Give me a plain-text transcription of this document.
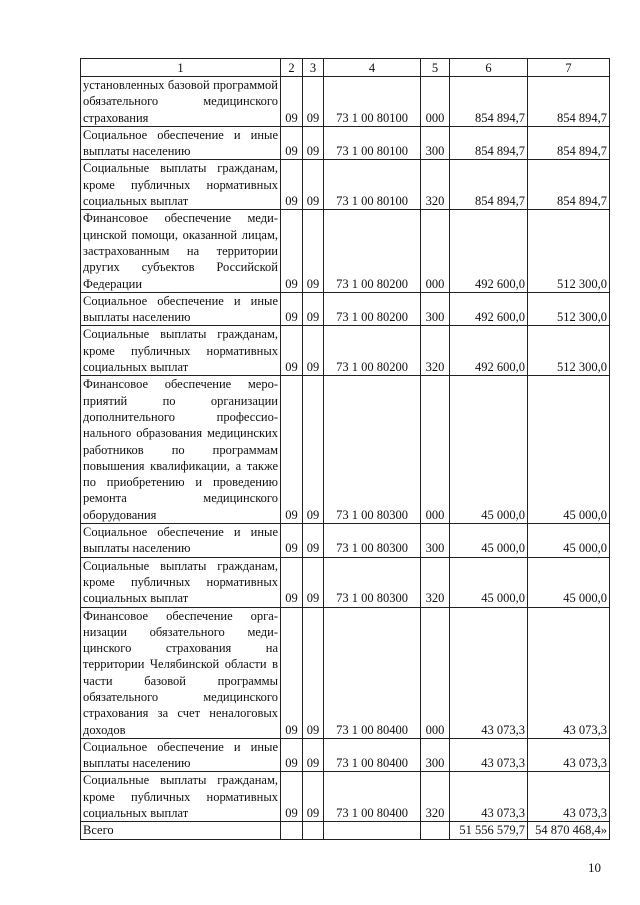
1	2	3	4	5	6	7
установленных базовой программой обязательного медицинского страхования	09	09	73 1 00 80100	000	854 894,7	854 894,7
Социальное обеспечение и иные выплаты населению	09	09	73 1 00 80100	300	854 894,7	854 894,7
Социальные выплаты гражданам, кроме публичных нормативных социальных выплат	09	09	73 1 00 80100	320	854 894,7	854 894,7
Финансовое обеспечение медицинской помощи, оказанной лицам, застрахованным на территории других субъектов Российской Федерации	09	09	73 1 00 80200	000	492 600,0	512 300,0
Социальное обеспечение и иные выплаты населению	09	09	73 1 00 80200	300	492 600,0	512 300,0
Социальные выплаты гражданам, кроме публичных нормативных социальных выплат	09	09	73 1 00 80200	320	492 600,0	512 300,0
Финансовое обеспечение мероприятий по организации дополнительного профессионального образования медицинских работников по программам повышения квалификации, а также по приобретению и проведению ремонта медицинского оборудования	09	09	73 1 00 80300	000	45 000,0	45 000,0
Социальное обеспечение и иные выплаты населению	09	09	73 1 00 80300	300	45 000,0	45 000,0
Социальные выплаты гражданам, кроме публичных нормативных социальных выплат	09	09	73 1 00 80300	320	45 000,0	45 000,0
Финансовое обеспечение организации обязательного медицинского страхования на территории Челябинской области в части базовой программы обязательного медицинского страхования за счет неналоговых доходов	09	09	73 1 00 80400	000	43 073,3	43 073,3
Социальное обеспечение и иные выплаты населению	09	09	73 1 00 80400	300	43 073,3	43 073,3
Социальные выплаты гражданам, кроме публичных нормативных социальных выплат	09	09	73 1 00 80400	320	43 073,3	43 073,3
Всего					51 556 579,7	54 870 468,4»
10
